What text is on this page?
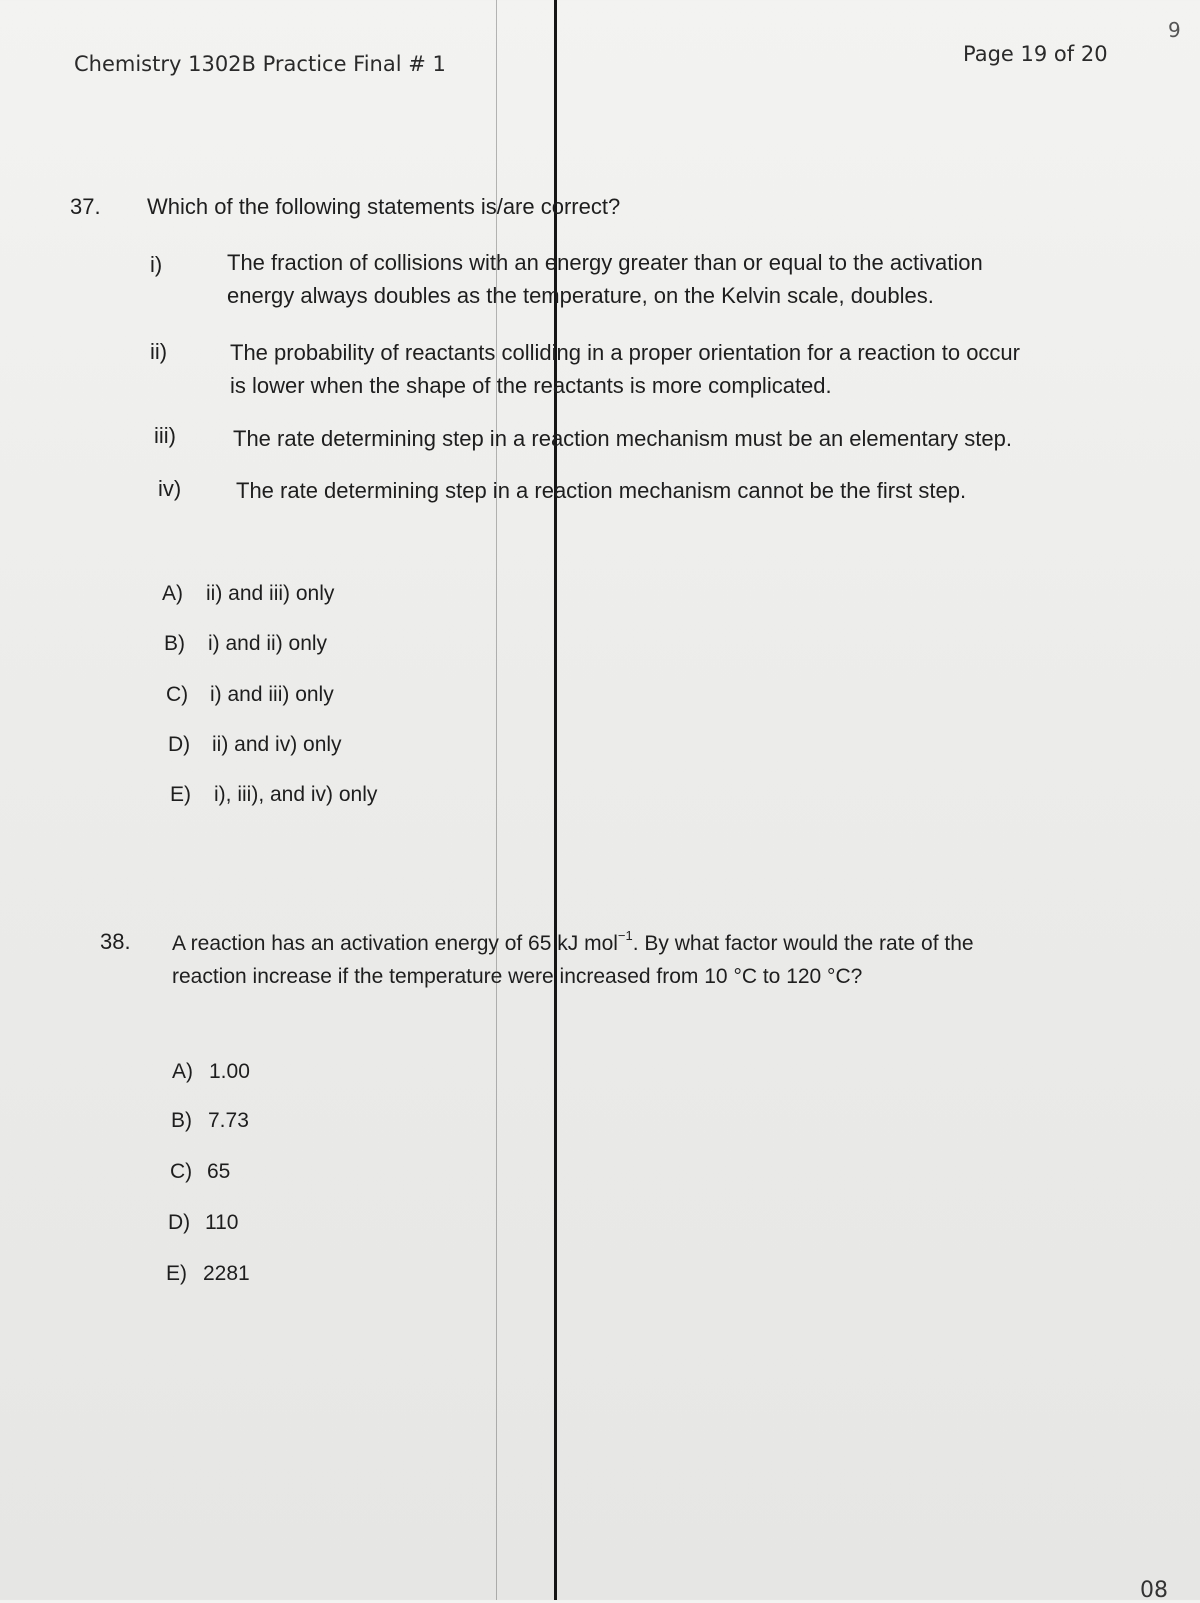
Chemistry 1302B Practice Final # 1	Page 19 of 20
9
08
37. Which of the following statements is/are correct?
i)	The fraction of collisions with an energy greater than or equal to the activation
energy always doubles as the temperature, on the Kelvin scale, doubles.
ii)	The probability of reactants colliding in a proper orientation for a reaction to occur
is lower when the shape of the reactants is more complicated.
iii)	The rate determining step in a reaction mechanism must be an elementary step.
iv) The rate determining step in a reaction mechanism cannot be the first step.
A) ii) and iii) only
B) i) and ii) only
C) i) and iii) only
D) ii) and iv) only
E) i), iii), and iv) only
38. A reaction has an activation energy of 65 kJ mol$^{-1}$. By what factor would the rate of the
reaction increase if the temperature were increased from 10 °C to 120 °C?
A) 1.00
B) 7.73
C) 65
D) 110
E) 2281
